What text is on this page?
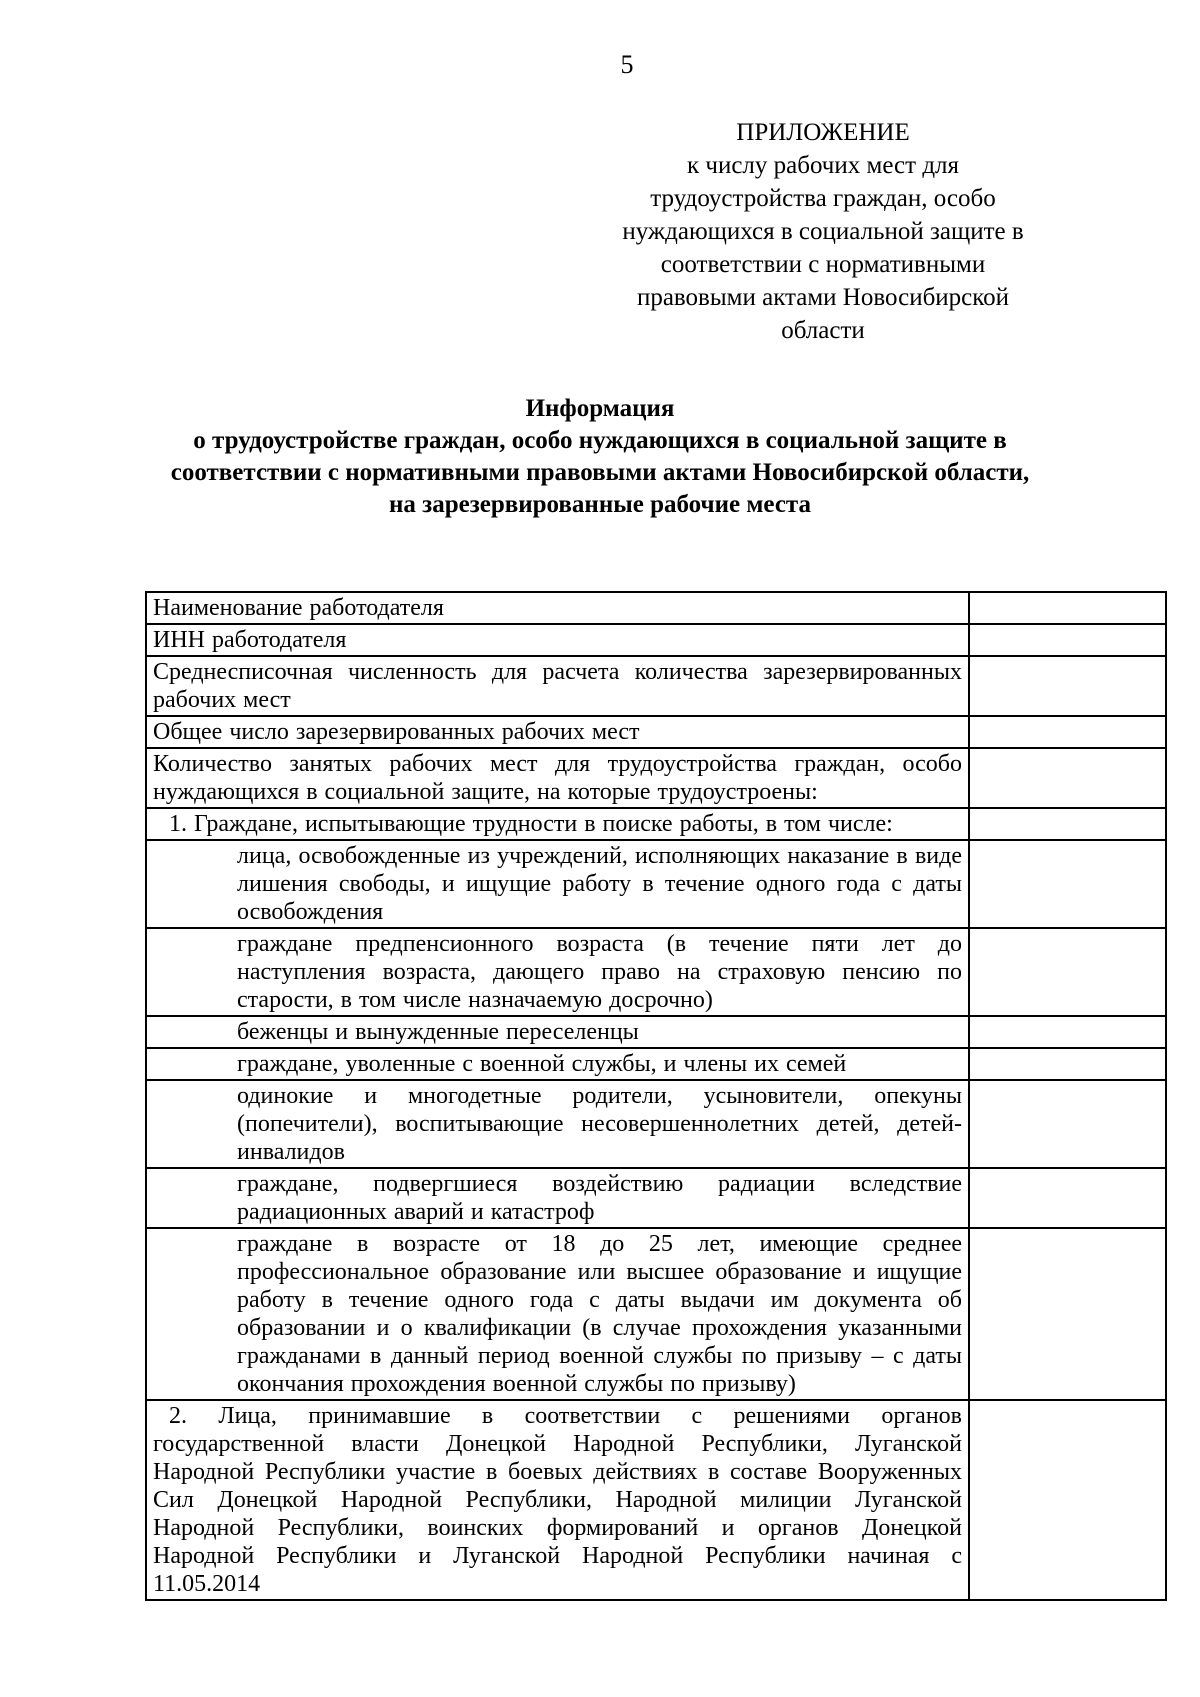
5
ПРИЛОЖЕНИЕ
к числу рабочих мест для
трудоустройства граждан, особо
нуждающихся в социальной защите в
соответствии с нормативными
правовыми актами Новосибирской
области
Информация
о трудоустройстве граждан, особо нуждающихся в социальной защите в
соответствии с нормативными правовыми актами Новосибирской области,
на зарезервированные рабочие места
Наименование работодателя	
ИНН работодателя	
Среднесписочная численность для расчета количества зарезервированных рабочих мест	
Общее число зарезервированных рабочих мест	
Количество занятых рабочих мест для трудоустройства граждан, особо нуждающихся в социальной защите, на которые трудоустроены:	
1. Граждане, испытывающие трудности в поиске работы, в том числе:	
лица, освобожденные из учреждений, исполняющих наказание в виде лишения свободы, и ищущие работу в течение одного года с даты освобождения	
граждане предпенсионного возраста (в течение пяти лет до наступления возраста, дающего право на страховую пенсию по старости, в том числе назначаемую досрочно)	
беженцы и вынужденные переселенцы	
граждане, уволенные с военной службы, и члены их семей	
одинокие и многодетные родители, усыновители, опекуны (попечители), воспитывающие несовершеннолетних детей, детей-инвалидов	
граждане, подвергшиеся воздействию радиации вследствие радиационных аварий и катастроф	
граждане в возрасте от 18 до 25 лет, имеющие среднее профессиональное образование или высшее образование и ищущие работу в течение одного года с даты выдачи им документа об образовании и о квалификации (в случае прохождения указанными гражданами в данный период военной службы по призыву – с даты окончания прохождения военной службы по призыву)	
2. Лица, принимавшие в соответствии с решениями органов государственной власти Донецкой Народной Республики, Луганской Народной Республики участие в боевых действиях в составе Вооруженных Сил Донецкой Народной Республики, Народной милиции Луганской Народной Республики, воинских формирований и органов Донецкой Народной Республики и Луганской Народной Республики начиная с 11.05.2014	
